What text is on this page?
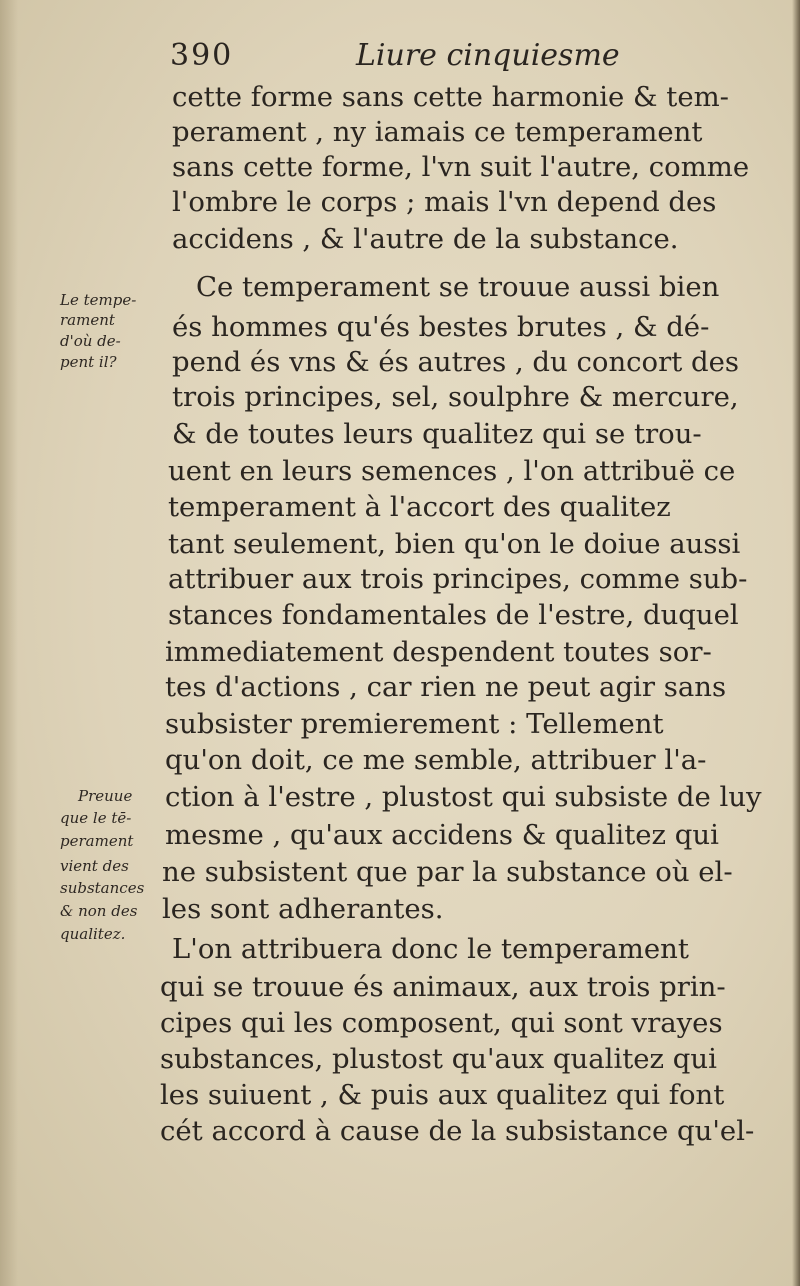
390	Liure cinquiesme
cette forme sans cette harmonie & tem-
perament , ny iamais ce temperament
sans cette forme, l'vn suit l'autre, comme
l'ombre le corps ; mais l'vn depend des
accidens , & l'autre de la substance.
Ce temperament se trouue aussi bien
és hommes qu'és bestes brutes , & dé-
pend és vns & és autres , du concort des
trois principes, sel, soulphre & mercure,
& de toutes leurs qualitez qui se trou-
uent en leurs semences , l'on attribuë ce
temperament à l'accort des qualitez
tant seulement, bien qu'on le doiue aussi
attribuer aux trois principes, comme sub-
stances fondamentales de l'estre, duquel
immediatement despendent toutes sor-
tes d'actions , car rien ne peut agir sans
subsister premierement : Tellement
qu'on doit, ce me semble, attribuer l'a-
ction à l'estre , plustost qui subsiste de luy
mesme , qu'aux accidens & qualitez qui
ne subsistent que par la substance où el-
les sont adherantes.
L'on attribuera donc le temperament
qui se trouue és animaux, aux trois prin-
cipes qui les composent, qui sont vrayes
substances, plustost qu'aux qualitez qui
les suiuent , & puis aux qualitez qui font
cét accord à cause de la subsistance qu'el-
Le tempe-
rament
d'où de-
pent il?
Preuue
que le tē-
perament
vient des
substances
& non des
qualitez.
